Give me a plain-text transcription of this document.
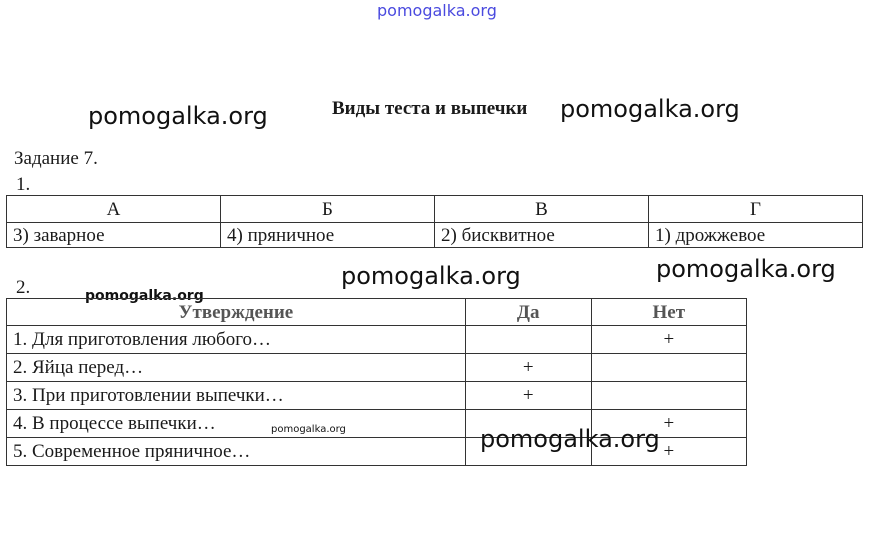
pomogalka.org
pomogalka.org	Виды теста и выпечки pomogalka.org
Задание 7.
1.
А	Б	В	Г
3) заварное	4) пряничное	2) бисквитное	1) дрожжевое
pomogalka.org	pomogalka.org
2.	pomogalka.org
Утверждение	Да	Нет
1. Для приготовления любого…		+
2. Яйца перед…	+	
3. При приготовлении выпечки…	+	
4. В процессе выпечки…		+
5. Современное пряничное…		+
pomogalka.org	pomogalka.org
